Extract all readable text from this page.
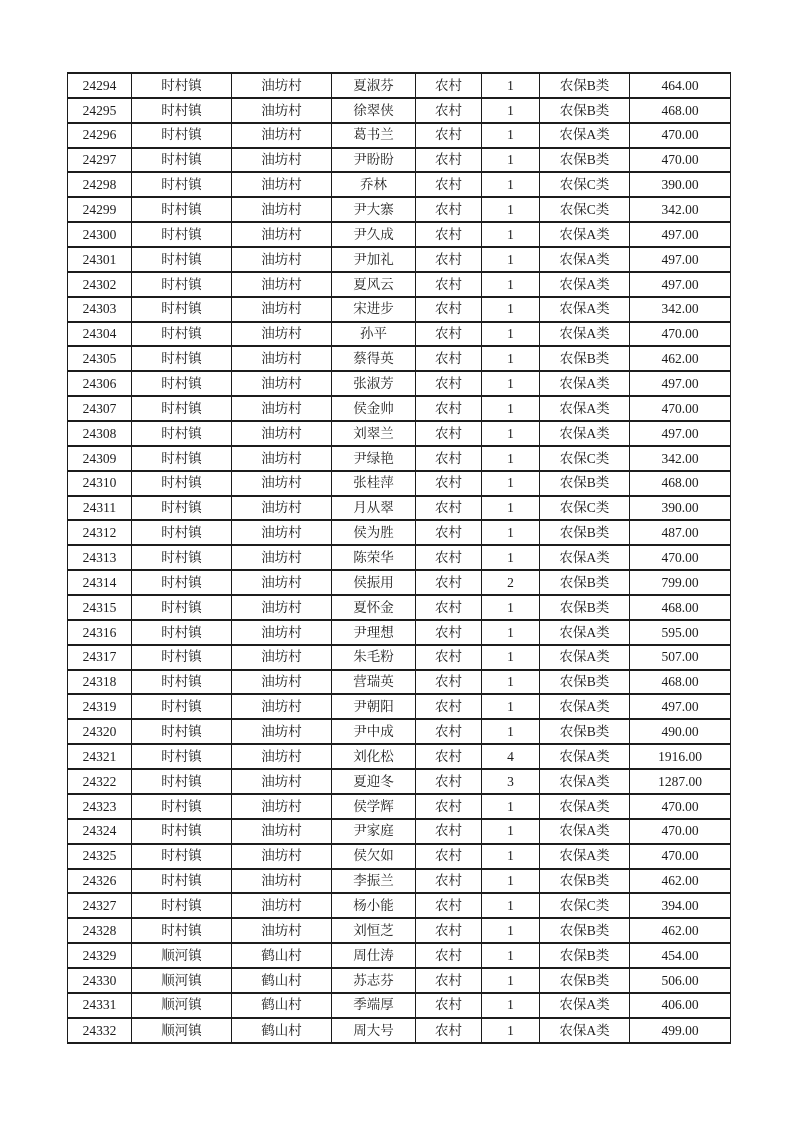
24294	时村镇	油坊村	夏淑芬	农村	1	农保B类	464.00
24295	时村镇	油坊村	徐翠侠	农村	1	农保B类	468.00
24296	时村镇	油坊村	葛书兰	农村	1	农保A类	470.00
24297	时村镇	油坊村	尹盼盼	农村	1	农保B类	470.00
24298	时村镇	油坊村	乔林	农村	1	农保C类	390.00
24299	时村镇	油坊村	尹大寨	农村	1	农保C类	342.00
24300	时村镇	油坊村	尹久成	农村	1	农保A类	497.00
24301	时村镇	油坊村	尹加礼	农村	1	农保A类	497.00
24302	时村镇	油坊村	夏风云	农村	1	农保A类	497.00
24303	时村镇	油坊村	宋进步	农村	1	农保A类	342.00
24304	时村镇	油坊村	孙平	农村	1	农保A类	470.00
24305	时村镇	油坊村	蔡得英	农村	1	农保B类	462.00
24306	时村镇	油坊村	张淑芳	农村	1	农保A类	497.00
24307	时村镇	油坊村	侯金帅	农村	1	农保A类	470.00
24308	时村镇	油坊村	刘翠兰	农村	1	农保A类	497.00
24309	时村镇	油坊村	尹绿艳	农村	1	农保C类	342.00
24310	时村镇	油坊村	张桂萍	农村	1	农保B类	468.00
24311	时村镇	油坊村	月从翠	农村	1	农保C类	390.00
24312	时村镇	油坊村	侯为胜	农村	1	农保B类	487.00
24313	时村镇	油坊村	陈荣华	农村	1	农保A类	470.00
24314	时村镇	油坊村	侯振用	农村	2	农保B类	799.00
24315	时村镇	油坊村	夏怀金	农村	1	农保B类	468.00
24316	时村镇	油坊村	尹理想	农村	1	农保A类	595.00
24317	时村镇	油坊村	朱毛粉	农村	1	农保A类	507.00
24318	时村镇	油坊村	营瑞英	农村	1	农保B类	468.00
24319	时村镇	油坊村	尹朝阳	农村	1	农保A类	497.00
24320	时村镇	油坊村	尹中成	农村	1	农保B类	490.00
24321	时村镇	油坊村	刘化松	农村	4	农保A类	1916.00
24322	时村镇	油坊村	夏迎冬	农村	3	农保A类	1287.00
24323	时村镇	油坊村	侯学辉	农村	1	农保A类	470.00
24324	时村镇	油坊村	尹家庭	农村	1	农保A类	470.00
24325	时村镇	油坊村	侯欠如	农村	1	农保A类	470.00
24326	时村镇	油坊村	李振兰	农村	1	农保B类	462.00
24327	时村镇	油坊村	杨小能	农村	1	农保C类	394.00
24328	时村镇	油坊村	刘恒芝	农村	1	农保B类	462.00
24329	顺河镇	鹤山村	周仕涛	农村	1	农保B类	454.00
24330	顺河镇	鹤山村	苏志芬	农村	1	农保B类	506.00
24331	顺河镇	鹤山村	季端厚	农村	1	农保A类	406.00
24332	顺河镇	鹤山村	周大号	农村	1	农保A类	499.00
